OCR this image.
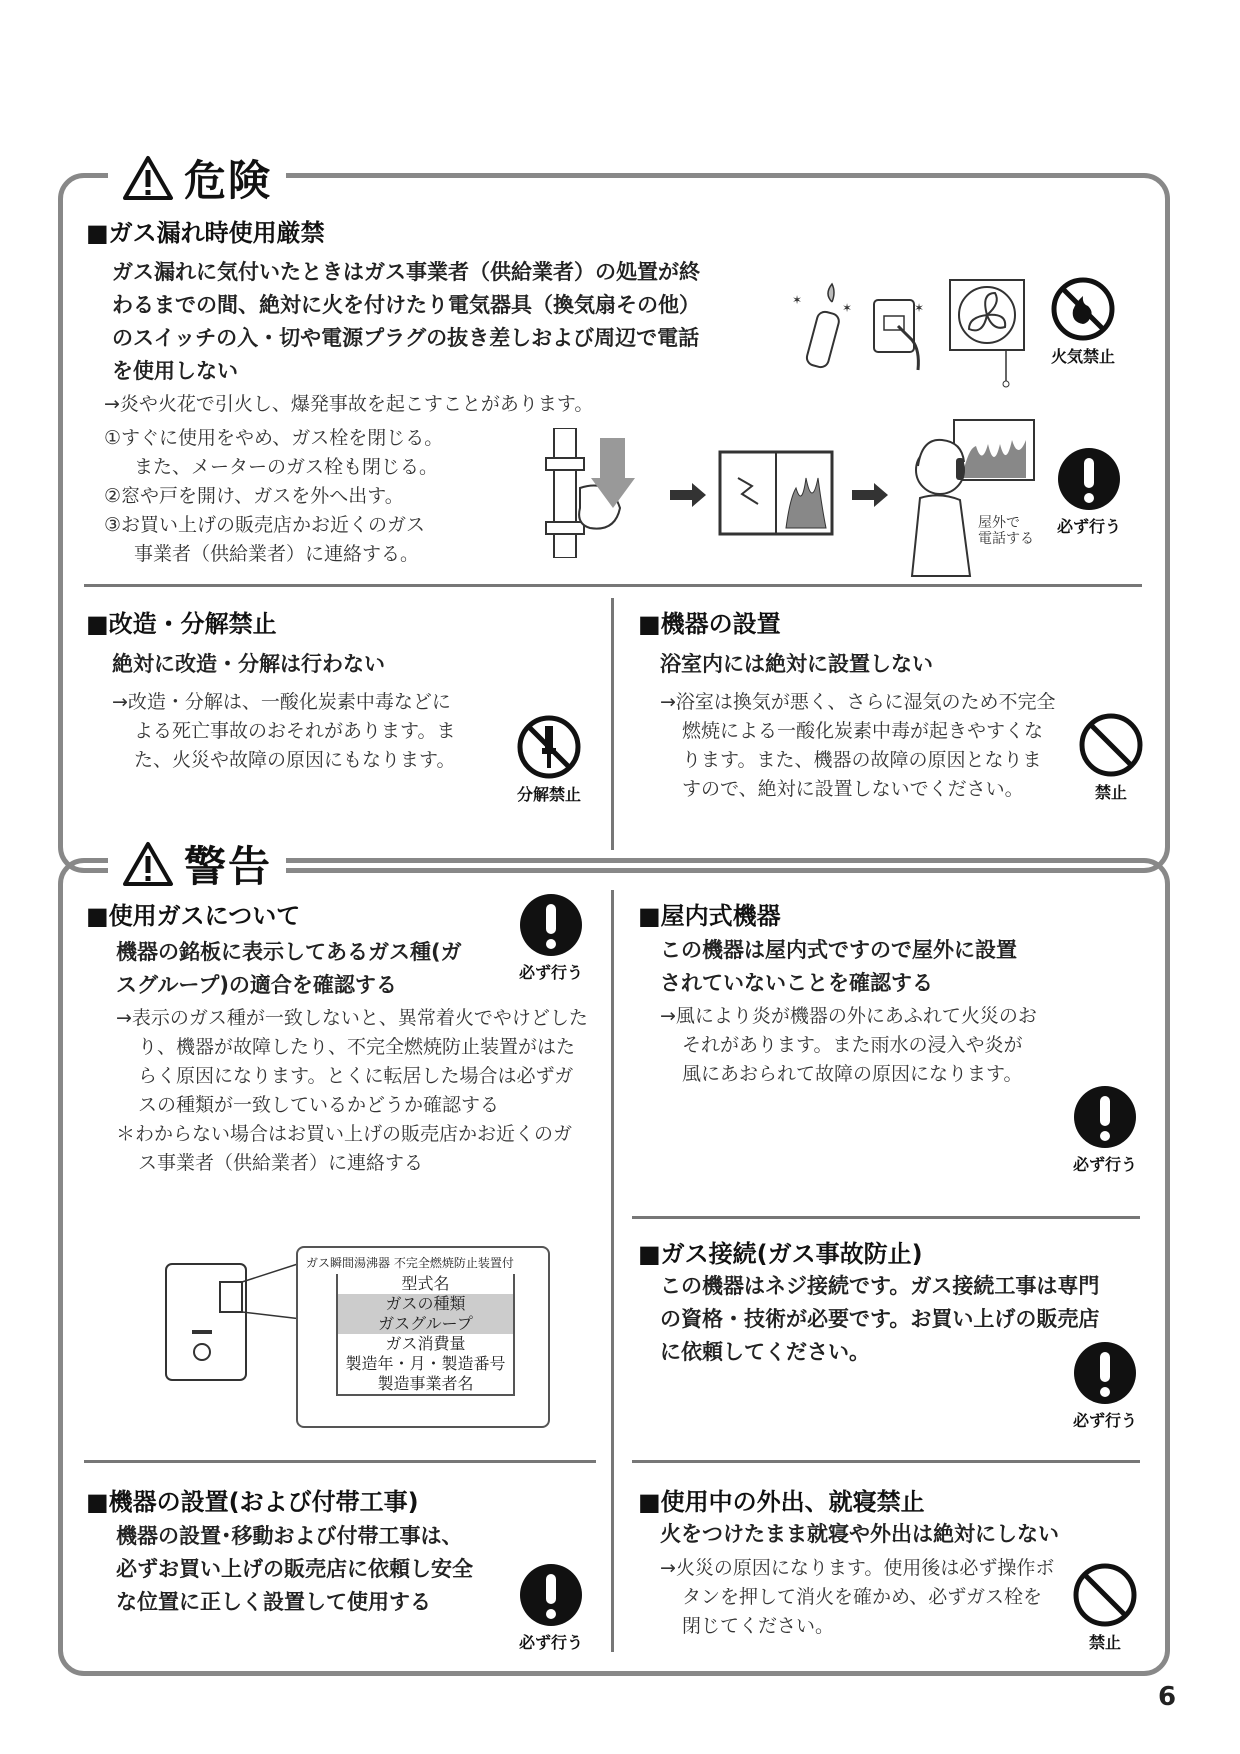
危険
■ガス漏れ時使用厳禁
ガス漏れに気付いたときはガス事業者（供給業者）の処置が終わるまでの間、絶対に火を付けたり電気器具（換気扇その他）のスイッチの入・切や電源プラグの抜き差しおよび周辺で電話を使用しない
→炎や火花で引火し、爆発事故を起こすことがあります。
①すぐに使用をやめ、ガス栓を閉じる。
また、メーターのガス栓も閉じる。
②窓や戸を開け、ガスを外へ出す。
③お買い上げの販売店かお近くのガス
事業者（供給業者）に連絡する。
✶
✶	✶
火気禁止
屋外で
電話する
必ず行う
■改造・分解禁止
絶対に改造・分解は行わない
→改造・分解は、一酸化炭素中毒などによる死亡事故のおそれがあります。また、火災や故障の原因にもなります。
分解禁止
■機器の設置
浴室内には絶対に設置しない
→浴室は換気が悪く、さらに湿気のため不完全燃焼による一酸化炭素中毒が起きやすくなります。また、機器の故障の原因となりますので、絶対に設置しないでください。	禁止
警告
■使用ガスについて
機器の銘板に表示してあるガス種(ガスグループ)の適合を確認する
必ず行う
→表示のガス種が一致しないと、異常着火でやけどしたり、機器が故障したり、不完全燃焼防止装置がはたらく原因になります。とくに転居した場合は必ずガスの種類が一致しているかどうか確認する
＊わからない場合はお買い上げの販売店かお近くのガス事業者（供給業者）に連絡する
ガス瞬間湯沸器 不完全燃焼防止装置付
型式名
ガスの種類
ガスグループ
ガス消費量
製造年・月・製造番号
製造事業者名
■機器の設置(および付帯工事)
機器の設置･移動および付帯工事は、必ずお買い上げの販売店に依頼し安全な位置に正しく設置して使用する
必ず行う
■屋内式機器
この機器は屋内式ですので屋外に設置されていないことを確認する
→風により炎が機器の外にあふれて火災のおそれがあります。また雨水の浸入や炎が風にあおられて故障の原因になります。
必ず行う
■ガス接続(ガス事故防止)
この機器はネジ接続です。ガス接続工事は専門の資格・技術が必要です。お買い上げの販売店に依頼してください。
必ず行う
■使用中の外出、就寝禁止
火をつけたまま就寝や外出は絶対にしない
→火災の原因になります。使用後は必ず操作ボタンを押して消火を確かめ、必ずガス栓を閉じてください。
禁止
6
